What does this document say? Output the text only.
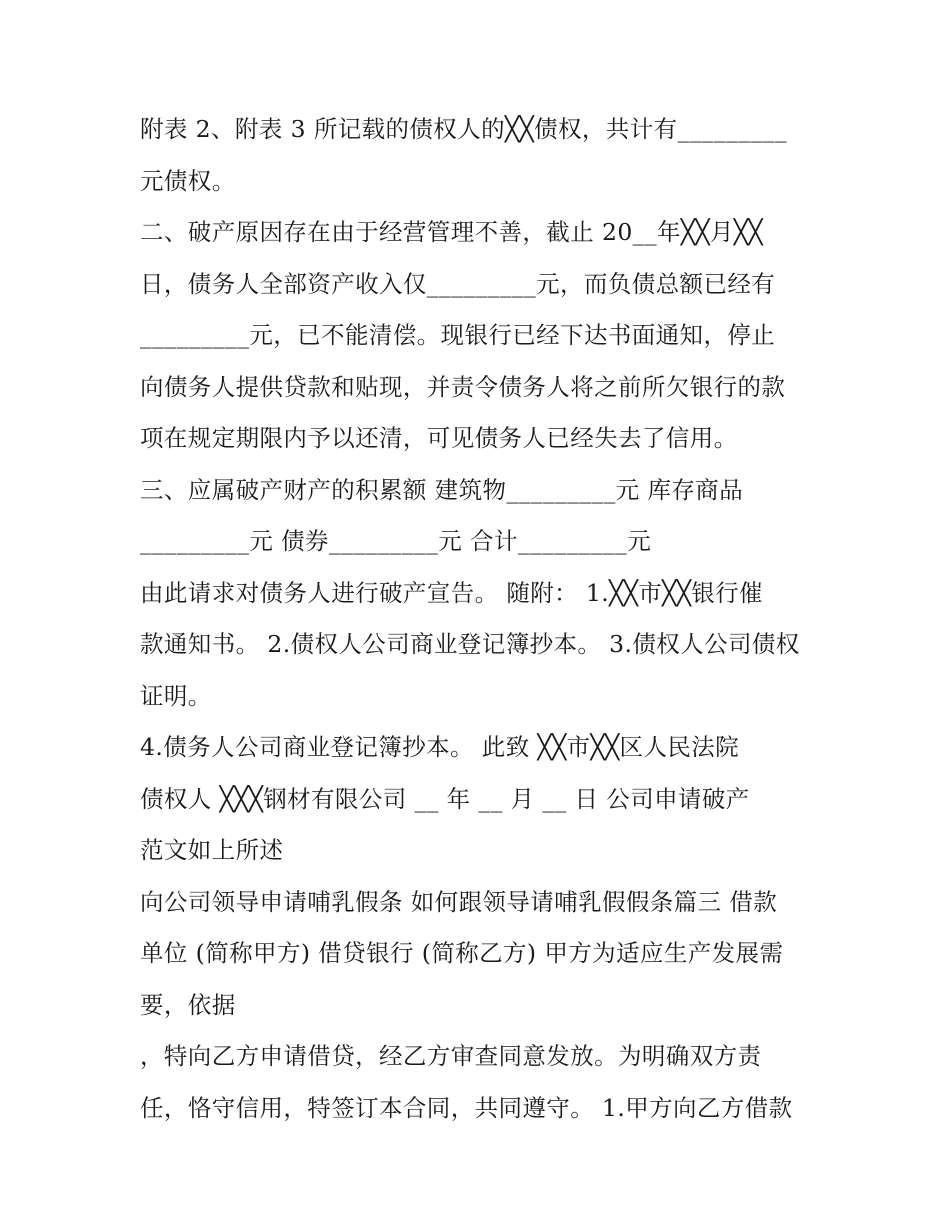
附表 2、附表 3 所记载的债权人的╳╳债权，共计有_________
元债权。
二、破产原因存在由于经营管理不善，截止 20__年╳╳月╳╳
日，债务人全部资产收入仅_________元，而负债总额已经有
_________元，已不能清偿。现银行已经下达书面通知，停止
向债务人提供贷款和贴现，并责令债务人将之前所欠银行的款
项在规定期限内予以还清，可见债务人已经失去了信用。
三、应属破产财产的积累额 建筑物_________元 库存商品
_________元 债券_________元 合计_________元
由此请求对债务人进行破产宣告。 随附： 1.╳╳市╳╳银行催
款通知书。 2.债权人公司商业登记簿抄本。 3.债权人公司债权
证明。
4.债务人公司商业登记簿抄本。 此致 ╳╳市╳╳区人民法院
债权人 ╳╳╳钢材有限公司 __ 年 __ 月 __ 日 公司申请破产
范文如上所述
向公司领导申请哺乳假条 如何跟领导请哺乳假假条篇三 借款
单位 (简称甲方) 借贷银行 (简称乙方) 甲方为适应生产发展需
要，依据
，特向乙方申请借贷，经乙方审查同意发放。为明确双方责
任，恪守信用，特签订本合同，共同遵守。 1.甲方向乙方借款
